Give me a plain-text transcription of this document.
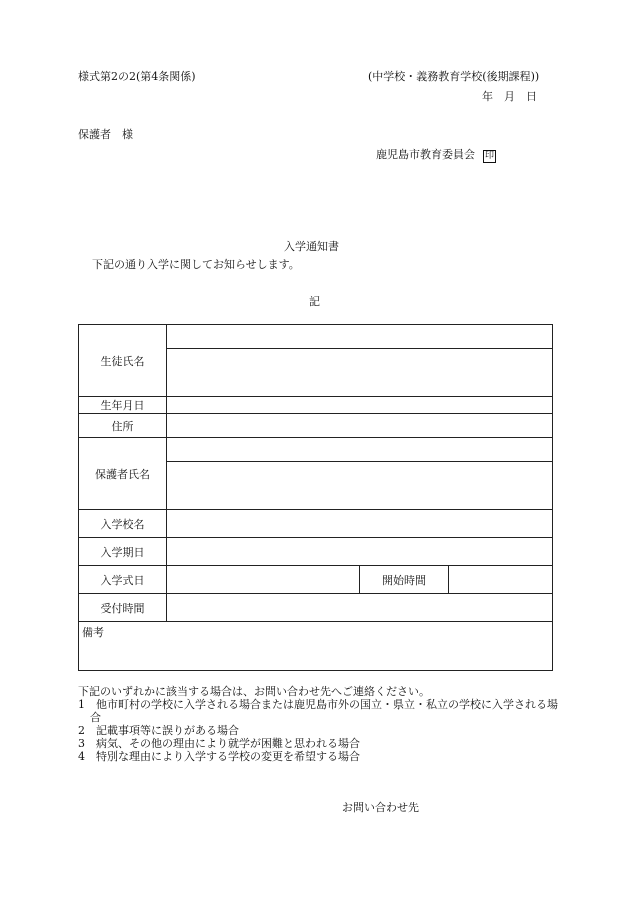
様式第2の2(第4条関係)	(中学校・義務教育学校(後期課程))
年　月　日
保護者　様
鹿児島市教育委員会 印
入学通知書
下記の通り入学に関してお知らせします。
記
生徒氏名			

生年月日			
住所			
保護者氏名			

入学校名			
入学期日			
入学式日		開始時間	
受付時間			
備考			
下記のいずれかに該当する場合は、お問い合わせ先へご連絡ください。
1　他市町村の学校に入学される場合または鹿児島市外の国立・県立・私立の学校に入学される場合
2　記載事項等に誤りがある場合
3　病気、その他の理由により就学が困難と思われる場合
4　特別な理由により入学する学校の変更を希望する場合
お問い合わせ先
